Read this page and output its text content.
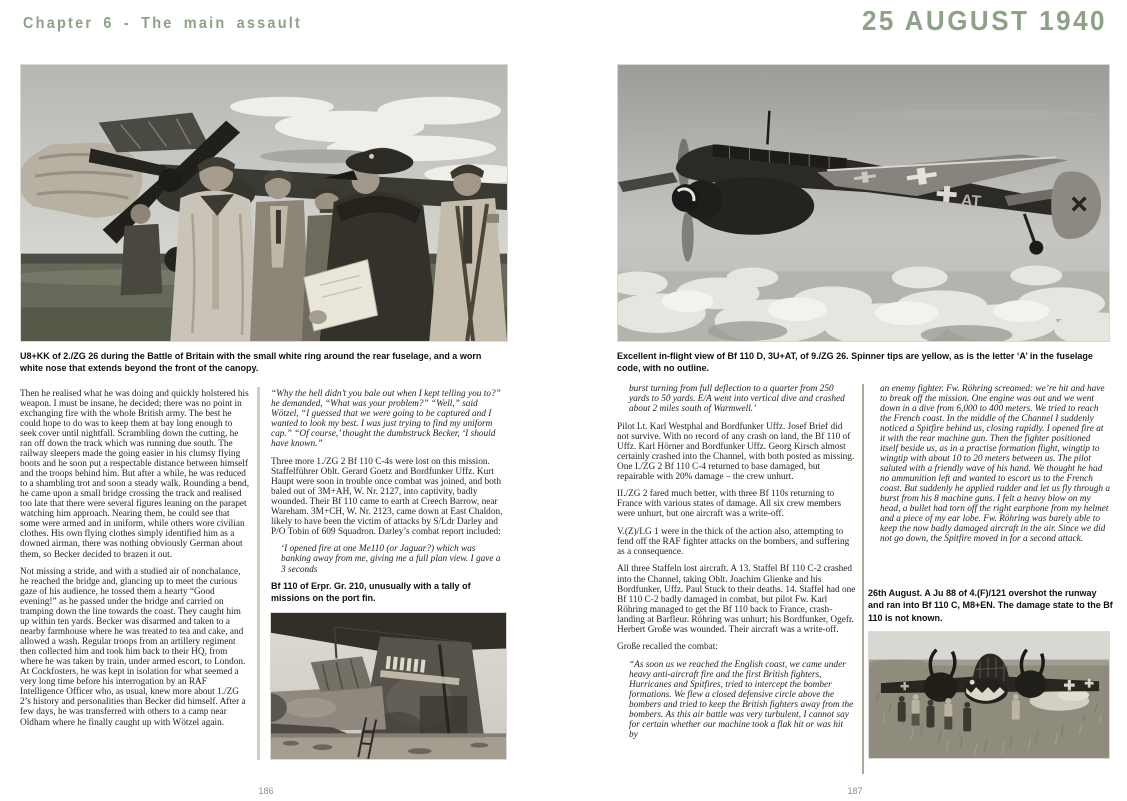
Chapter 6 - The main assault
U8+KK of 2./ZG 26 during the Battle of Britain with the small white ring around the rear fuselage, and a worn white nose that extends beyond the front of the canopy.

Then he realised what he was doing and quickly holstered his weapon. I must be insane, he decided; there was no point in exchanging fire with the whole British army. The best he could hope to do was to keep them at bay long enough to seek cover until nightfall. Scrambling down the cutting, he ran off down the track which was running due south. The railway sleepers made the going easier in his clumsy flying boots and he soon put a respectable distance between himself and the troops behind him. But after a while, he was reduced to a shambling trot and soon a steady walk. Rounding a bend, he came upon a small bridge crossing the track and realised too late that there were several figures leaning on the parapet watching him approach. Nearing them, he could see that some were armed and in uniform, while others wore civilian clothes. His own flying clothes simply identified him as a downed airman, there was nothing obviously German about them, so Becker decided to brazen it out.

Not missing a stride, and with a studied air of nonchalance, he reached the bridge and, glancing up to meet the curious gaze of his audience, he tossed them a hearty “Good evening!” as he passed under the bridge and carried on tramping down the line towards the coast. They caught him up within ten yards. Becker was disarmed and taken to a nearby farmhouse where he was treated to tea and cake, and allowed a wash. Regular troops from an artillery regiment then collected him and took him back to their HQ, from where he was taken by train, under armed escort, to London. At Cockfosters, he was kept in isolation for what seemed a very long time before his interrogation by an RAF Intelligence Officer who, as usual, knew more about 1./ZG 2’s history and personalities than Becker did himself. After a few days, he was transferred with others to a camp near Oldham where he finally caught up with Wötzel again.

“Why the hell didn’t you bale out when I kept telling you to?” he demanded, “What was your problem?” “Well,” said Wötzel, “I guessed that we were going to be captured and I wanted to look my best. I was just trying to find my uniform cap.” “Of course,’ thought the dumbstruck Becker, ‘I should have known.”

Three more 1./ZG 2 Bf 110 C-4s were lost on this mission. Staffelführer Oblt. Gerard Goetz and Bordfunker Uffz. Kurt Haupt were soon in trouble once combat was joined, and both baled out of 3M+AH, W. Nr. 2127, into captivity, badly wounded. Their Bf 110 came to earth at Creech Barrow, near Wareham. 3M+CH, W. Nr. 2123, came down at East Chaldon, likely to have been the victim of attacks by S/Ldr Darley and P/O Tobin of 609 Squadron. Darley’s combat report included:

‘I opened fire at one Me110 (or Jaguar?) which was banking away from me, giving me a full plan view. I gave a 3 seconds

Bf 110 of Erpr. Gr. 210, unusually with a tally of missions on the port fin.
186
25 AUGUST 1940
AT
Excellent in-flight view of Bf 110 D, 3U+AT, of 9./ZG 26. Spinner tips are yellow, as is the letter ‘A’ in the fuselage code, with no outline.

burst turning from full deflection to a quarter from 250 yards to 50 yards. E/A went into vertical dive and crashed about 2 miles south of Warmwell.’

Pilot Lt. Karl Westphal and Bordfunker Uffz. Josef Brief did not survive. With no record of any crash on land, the Bf 110 of Uffz. Karl Hörner and Bordfunker Uffz. Georg Kirsch almost certainly crashed into the Channel, with both posted as missing. One I./ZG 2 Bf 110 C-4 returned to base damaged, but repairable with 20% damage – the crew unhurt.

II./ZG 2 fared much better, with three Bf 110s returning to France with various states of damage. All six crew members were unhurt, but one aircraft was a write-off.

V.(Z)/LG 1 were in the thick of the action also, attempting to fend off the RAF fighter attacks on the bombers, and suffering as a consequence.

All three Staffeln lost aircraft. A 13. Staffel Bf 110 C-2 crashed into the Channel, taking Oblt. Joachim Glienke and his Bordfunker, Uffz. Paul Stuck to their deaths. 14. Staffel had one Bf 110 C-2 badly damaged in combat, but pilot Fw. Karl Röhring managed to get the Bf 110 back to France, crash-landing at Barfleur. Röhring was unhurt; his Bordfunker, Ogefr. Herbert Große was wounded. Their aircraft was a write-off.

Große recalled the combat:

“As soon as we reached the English coast, we came under heavy anti-aircraft fire and the first British fighters, Hurricanes and Spitfires, tried to intercept the bomber formations. We flew a closed defensive circle above the bombers and tried to keep the British fighters away from the bombers. As this air battle was very turbulent, I cannot say for certain whether our machine took a flak hit or was hit by

an enemy fighter. Fw. Röhring screamed: we’re hit and have to break off the mission. One engine was out and we went down in a dive from 6,000 to 400 meters. We tried to reach the French coast. In the middle of the Channel I suddenly noticed a Spitfire behind us, closing rapidly. I opened fire at it with the rear machine gun. Then the fighter positioned itself beside us, as in a practise formation flight, wingtip to wingtip with about 10 to 20 meters between us. The pilot saluted with a friendly wave of his hand. We thought he had no ammunition left and wanted to escort us to the French coast. But suddenly he applied rudder and let us fly through a burst from his 8 machine guns. I felt a heavy blow on my head, a bullet had torn off the right earphone from my helmet and a piece of my ear lobe. Fw. Röhring was barely able to keep the now badly damaged aircraft in the air. Since we did not go down, the Spitfire moved in for a second attack.

26th August. A Ju 88 of 4.(F)/121 overshot the runway and ran into Bf 110 C, M8+EN. The damage state to the Bf 110 is not known.
187
